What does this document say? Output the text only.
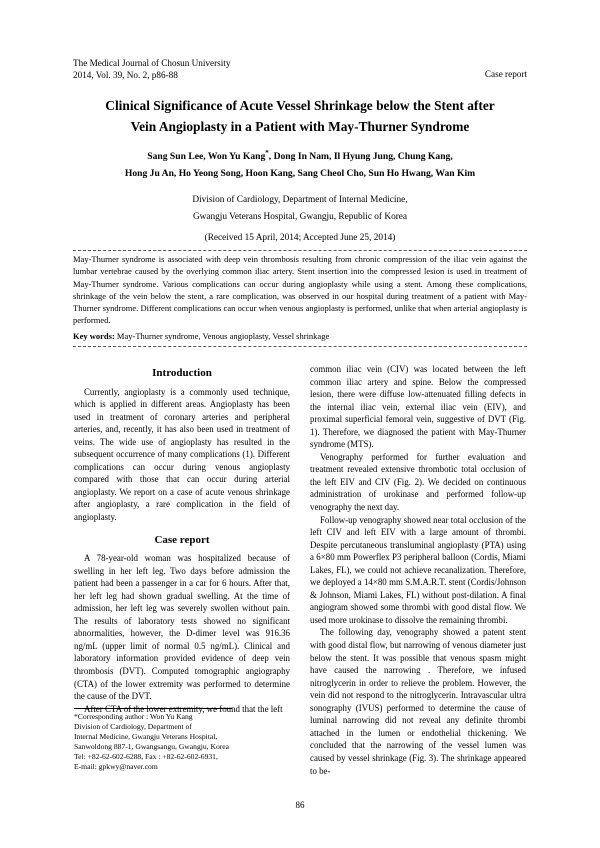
The Medical Journal of Chosun University
2014, Vol. 39, No. 2, p86-88	Case report
Clinical Significance of Acute Vessel Shrinkage below the Stent after
Vein Angioplasty in a Patient with May-Thurner Syndrome
Sang Sun Lee, Won Yu Kang*, Dong In Nam, Il Hyung Jung, Chung Kang,
Hong Ju An, Ho Yeong Song, Hoon Kang, Sang Cheol Cho, Sun Ho Hwang, Wan Kim
Division of Cardiology, Department of Internal Medicine,
Gwangju Veterans Hospital, Gwangju, Republic of Korea
(Received 15 April, 2014; Accepted June 25, 2014)
May-Thurner syndrome is associated with deep vein thrombosis resulting from chronic compression of the iliac vein against the lumbar vertebrae caused by the overlying common iliac artery. Stent insertion into the compressed lesion is used in treatment of May-Thurner syndrome. Various complications can occur during angioplasty while using a stent. Among these complications, shrinkage of the vein below the stent, a rare complication, was observed in our hospital during treatment of a patient with May-Thurner syndrome. Different complications can occur when venous angioplasty is performed, unlike that when arterial angioplasty is performed.
Key words: May-Thurner syndrome, Venous angioplasty, Vessel shrinkage
Introduction

Currently, angioplasty is a commonly used technique, which is applied in different areas. Angioplasty has been used in treatment of coronary arteries and peripheral arteries, and, recently, it has also been used in treatment of veins. The wide use of angioplasty has resulted in the subsequent occurrence of many complications (1). Different complications can occur during venous angioplasty compared with those that can occur during arterial angioplasty. We report on a case of acute venous shrinkage after angioplasty, a rare complication in the field of angioplasty.

Case report

A 78-year-old woman was hospitalized because of swelling in her left leg. Two days before admission the patient had been a passenger in a car for 6 hours. After that, her left leg had shown gradual swelling. At the time of admission, her left leg was severely swollen without pain. The results of laboratory tests showed no significant abnormalities, however, the D-dimer level was 916.36 ng/mL (upper limit of normal 0.5 ng/mL). Clinical and laboratory information provided evidence of deep vein thrombosis (DVT). Computed tomographic angiography (CTA) of the lower extremity was performed to determine the cause of the DVT.

After CTA of the lower extremity, we found that the left

common iliac vein (CIV) was located between the left common iliac artery and spine. Below the compressed lesion, there were diffuse low-attenuated filling defects in the internal iliac vein, external iliac vein (EIV), and proximal superficial femoral vein, suggestive of DVT (Fig. 1). Therefore, we diagnosed the patient with May-Thurner syndrome (MTS).

Venography performed for further evaluation and treatment revealed extensive thrombotic total occlusion of the left EIV and CIV (Fig. 2). We decided on continuous administration of urokinase and performed follow-up venography the next day.

Follow-up venography showed near total occlusion of the left CIV and left EIV with a large amount of thrombi. Despite percutaneous transluminal angioplasty (PTA) using a 6×80 mm Powerflex P3 peripheral balloon (Cordis, Miami Lakes, FL), we could not achieve recanalization. Therefore, we deployed a 14×80 mm S.M.A.R.T. stent (Cordis/Johnson & Johnson, Miami Lakes, FL) without post-dilation. A final angiogram showed some thrombi with good distal flow. We used more urokinase to dissolve the remaining thrombi.

The following day, venography showed a patent stent with good distal flow, but narrowing of venous diameter just below the stent. It was possible that venous spasm might have caused the narrowing . Therefore, we infused nitroglycerin in order to relieve the problem. However, the vein did not respond to the nitroglycerin. Intravascular ultra sonography (IVUS) performed to determine the cause of luminal narrowing did not reveal any definite thrombi attached in the lumen or endothelial thickening. We concluded that the narrowing of the vessel lumen was caused by vessel shrinkage (Fig. 3). The shrinkage appeared to be-

*Corresponding author : Won Yu Kang
Division of Cardiology, Department of
Internal Medicine, Gwangju Veterans Hospital,
Sanwoldong 887-1, Gwangsangu, Gwangju, Korea
Tel: +82-62-602-6288, Fax : +82-62-602-6931,
E-mail: gpkwy@naver.com
86
